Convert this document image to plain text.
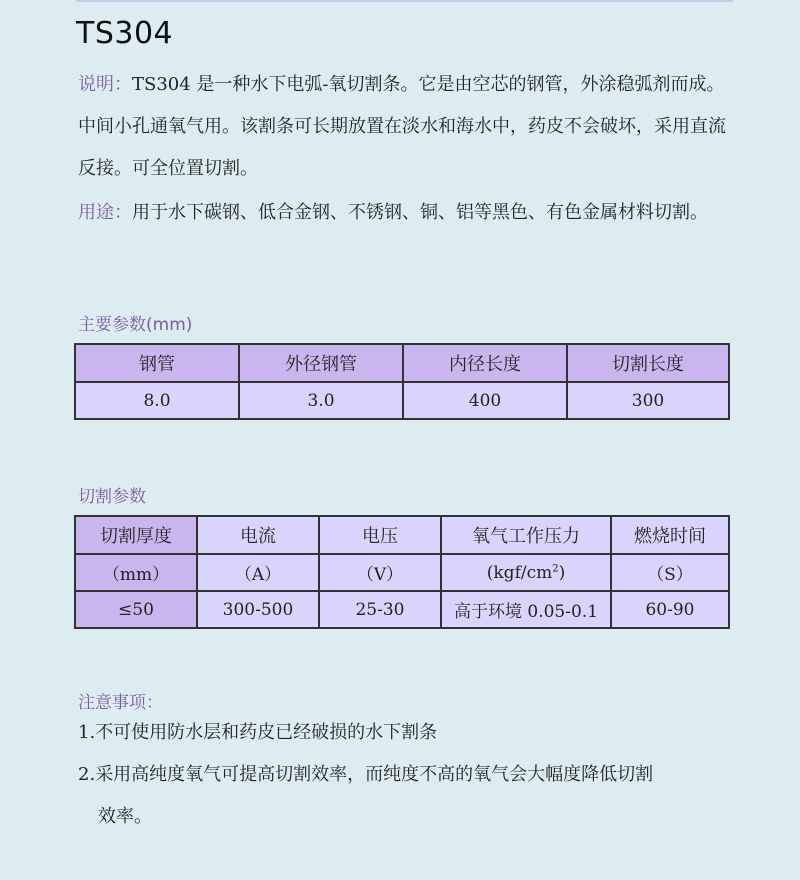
TS304
说明：TS304 是一种水下电弧-氧切割条。它是由空芯的钢管，外涂稳弧剂而成。中间小孔通氧气用。该割条可长期放置在淡水和海水中，药皮不会破坏，采用直流反接。可全位置切割。
用途：用于水下碳钢、低合金钢、不锈钢、铜、铝等黑色、有色金属材料切割。
主要参数(mm)
钢管	外径钢管	内径长度	切割长度
8.0	3.0	400	300
切割参数
切割厚度	电流	电压	氧气工作压力	燃烧时间
（mm）	（A）	（V）	$(kgf/cm^2)$	（S）
≤50	300-500	25-30	高于环境 0.05-0.1	60-90
注意事项：
1.不可使用防水层和药皮已经破损的水下割条
2.采用高纯度氧气可提高切割效率，而纯度不高的氧气会大幅度降低切割
效率。
